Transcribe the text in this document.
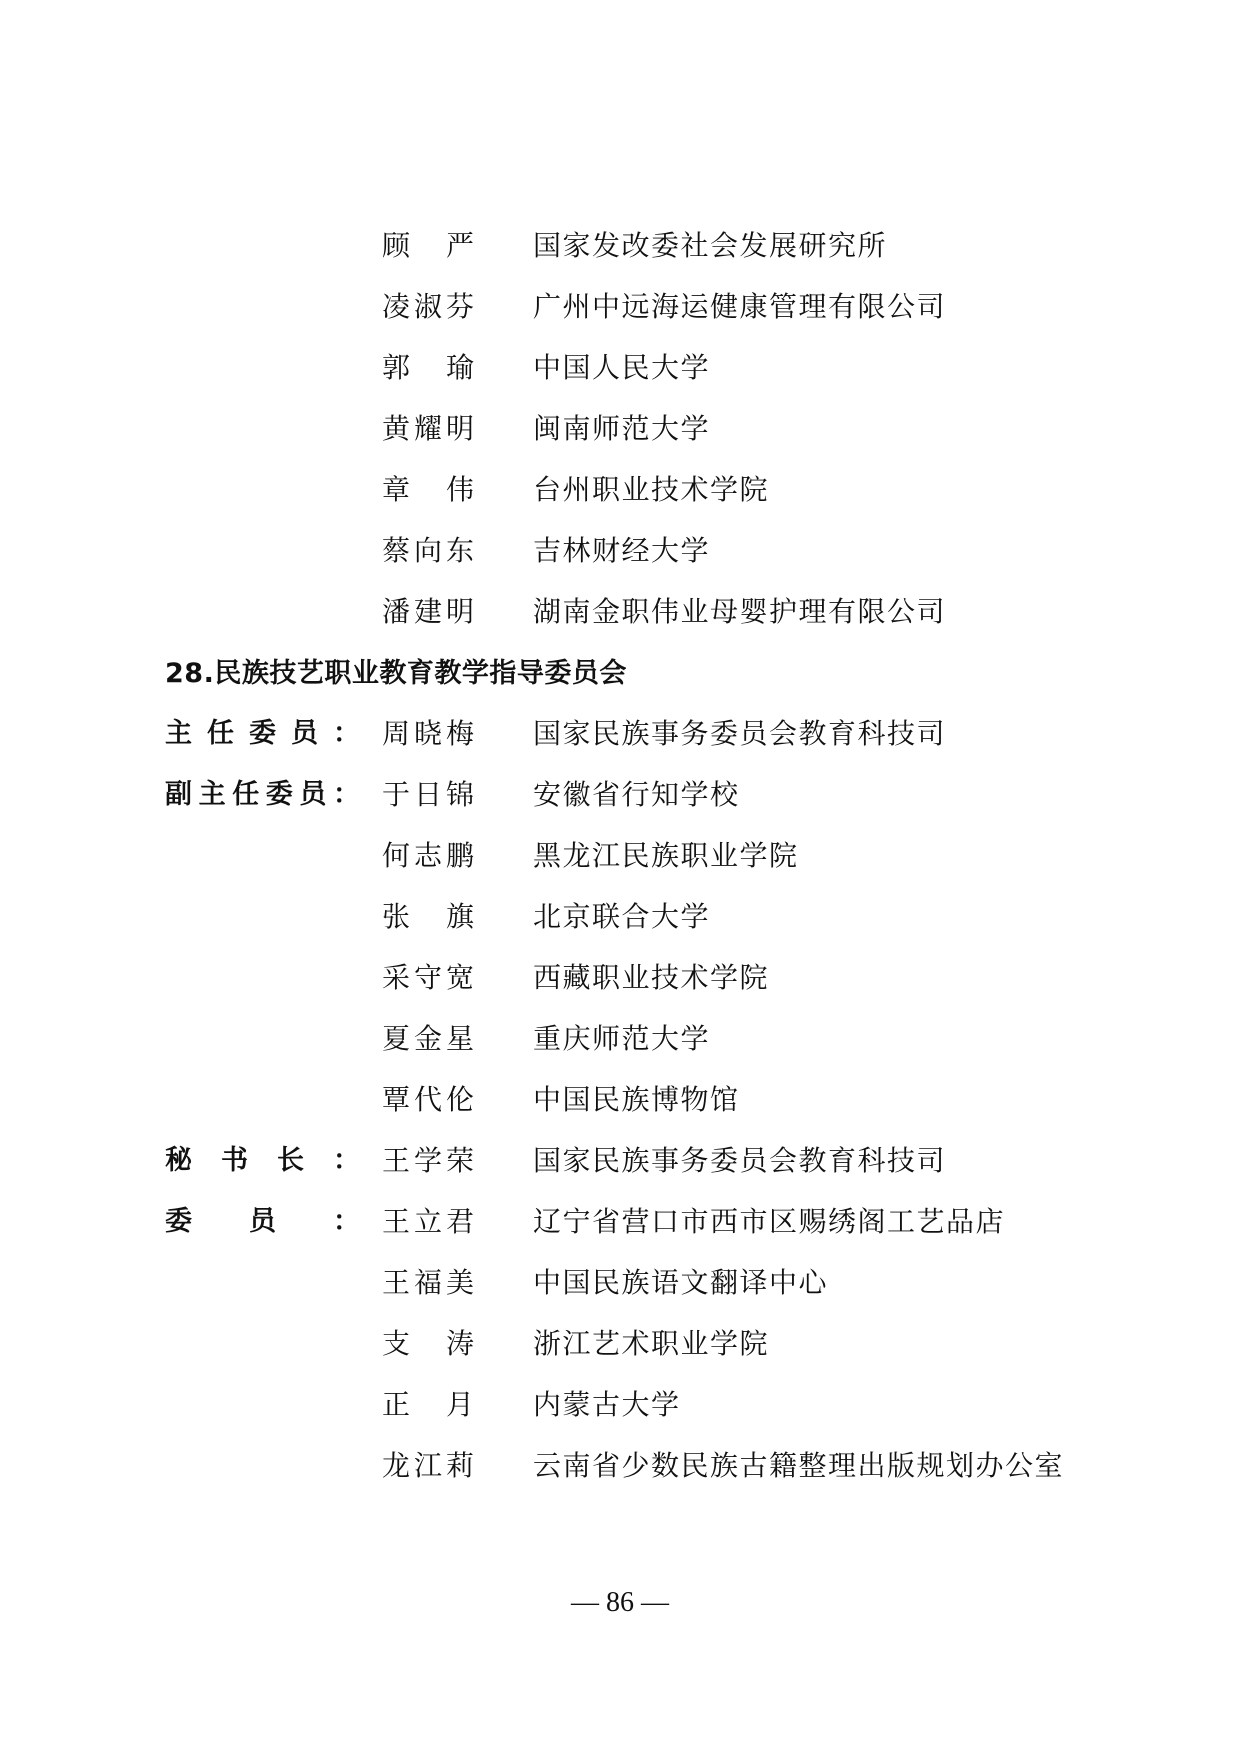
顾 严 国家发改委社会发展研究所
凌 淑 芬 广州中远海运健康管理有限公司
郭 瑜 中国人民大学
黄 耀 明 闽南师范大学
章 伟 台州职业技术学院
蔡 向 东 吉林财经大学
潘 建 明 湖南金职伟业母婴护理有限公司
28.民族技艺职业教育教学指导委员会
主 任 委 员 ： 周 晓 梅 国家民族事务委员会教育科技司
副 主 任 委 员 ： 于 日 锦 安徽省行知学校
何 志 鹏 黑龙江民族职业学院
张 旗 北京联合大学
采 守 宽 西藏职业技术学院
夏 金 星 重庆师范大学
覃 代 伦 中国民族博物馆
秘 书 长 ： 王 学 荣 国家民族事务委员会教育科技司
委 员 ： 王 立 君 辽宁省营口市西市区赐绣阁工艺品店
王 福 美 中国民族语文翻译中心
支 涛 浙江艺术职业学院
正 月 内蒙古大学
龙 江 莉 云南省少数民族古籍整理出版规划办公室
— 86 —
